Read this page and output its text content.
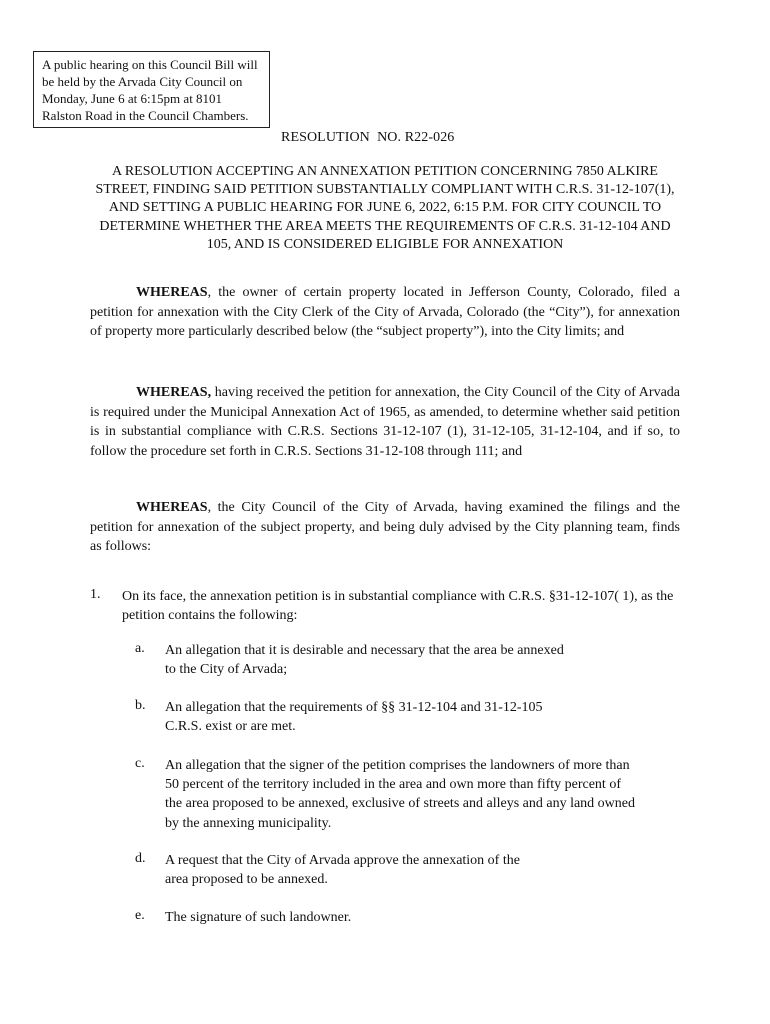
A public hearing on this Council Bill will be held by the Arvada City Council on Monday, June 6 at 6:15pm at 8101 Ralston Road in the Council Chambers.
RESOLUTION  NO. R22-026
A RESOLUTION ACCEPTING AN ANNEXATION PETITION CONCERNING 7850 ALKIRE STREET, FINDING SAID PETITION SUBSTANTIALLY COMPLIANT WITH C.R.S. 31-12-107(1), AND SETTING A PUBLIC HEARING FOR JUNE 6, 2022, 6:15 P.M. FOR CITY COUNCIL TO DETERMINE WHETHER THE AREA MEETS THE REQUIREMENTS OF C.R.S. 31-12-104 AND 105, AND IS CONSIDERED ELIGIBLE FOR ANNEXATION

WHEREAS, the owner of certain property located in Jefferson County, Colorado, filed a petition for annexation with the City Clerk of the City of Arvada, Colorado (the “City”), for annexation of property more particularly described below (the “subject property”), into the City limits; and

WHEREAS, having received the petition for annexation, the City Council of the City of Arvada is required under the Municipal Annexation Act of 1965, as amended, to determine whether said petition is in substantial compliance with C.R.S. Sections 31-12-107 (1), 31-12-105, 31-12-104, and if so, to follow the procedure set forth in C.R.S. Sections 31-12-108 through 111; and

WHEREAS, the City Council of the City of Arvada, having examined the filings and the petition for annexation of the subject property, and being duly advised by the City planning team, finds as follows:

1. On its face, the annexation petition is in substantial compliance with C.R.S. §31-12-107( 1), as the petition contains the following:
a. An allegation that it is desirable and necessary that the area be annexed
to the City of Arvada;
b. An allegation that the requirements of §§ 31-12-104 and 31-12-105
C.R.S. exist or are met.
c. An allegation that the signer of the petition comprises the landowners of more than
50 percent of the territory included in the area and own more than fifty percent of
the area proposed to be annexed, exclusive of streets and alleys and any land owned
by the annexing municipality.
d. A request that the City of Arvada approve the annexation of the
area proposed to be annexed.
e. The signature of such landowner.
